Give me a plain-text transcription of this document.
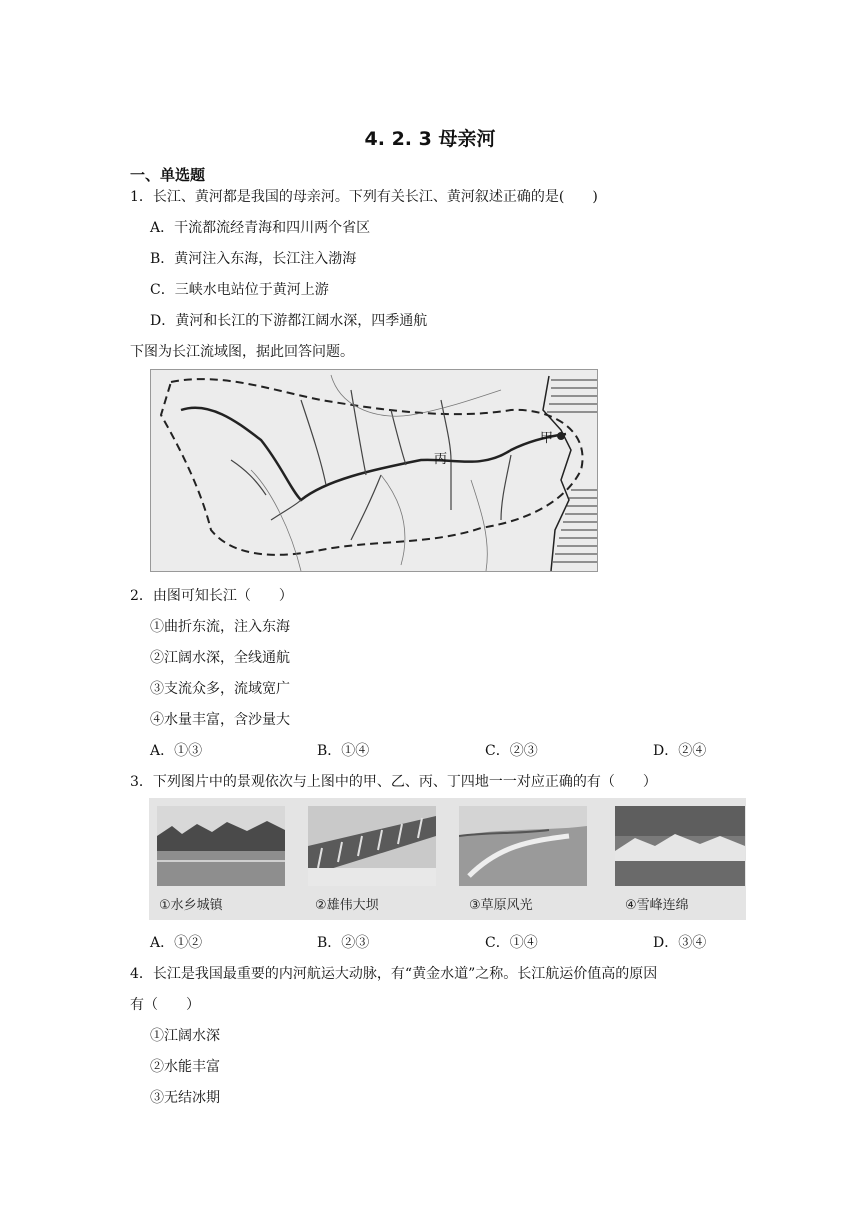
4. 2. 3 母亲河
一、单选题
1．长江、黄河都是我国的母亲河。下列有关长江、黄河叙述正确的是(　　)
A．干流都流经青海和四川两个省区
B．黄河注入东海，长江注入渤海
C．三峡水电站位于黄河上游
D．黄河和长江的下游都江阔水深，四季通航
下图为长江流域图，据此回答问题。
甲
丙
2．由图可知长江（　　）
①曲折东流，注入东海
②江阔水深，全线通航
③支流众多，流域宽广
④水量丰富，含沙量大
A．①③	B．①④	C．②③	D．②④
3．下列图片中的景观依次与上图中的甲、乙、丙、丁四地一一对应正确的有（　　）
①水乡城镇	②雄伟大坝	③草原风光	④雪峰连绵
A．①②	B．②③	C．①④	D．③④
4．长江是我国最重要的内河航运大动脉，有“黄金水道”之称。长江航运价值高的原因
有（　　）
①江阔水深
②水能丰富
③无结冰期
